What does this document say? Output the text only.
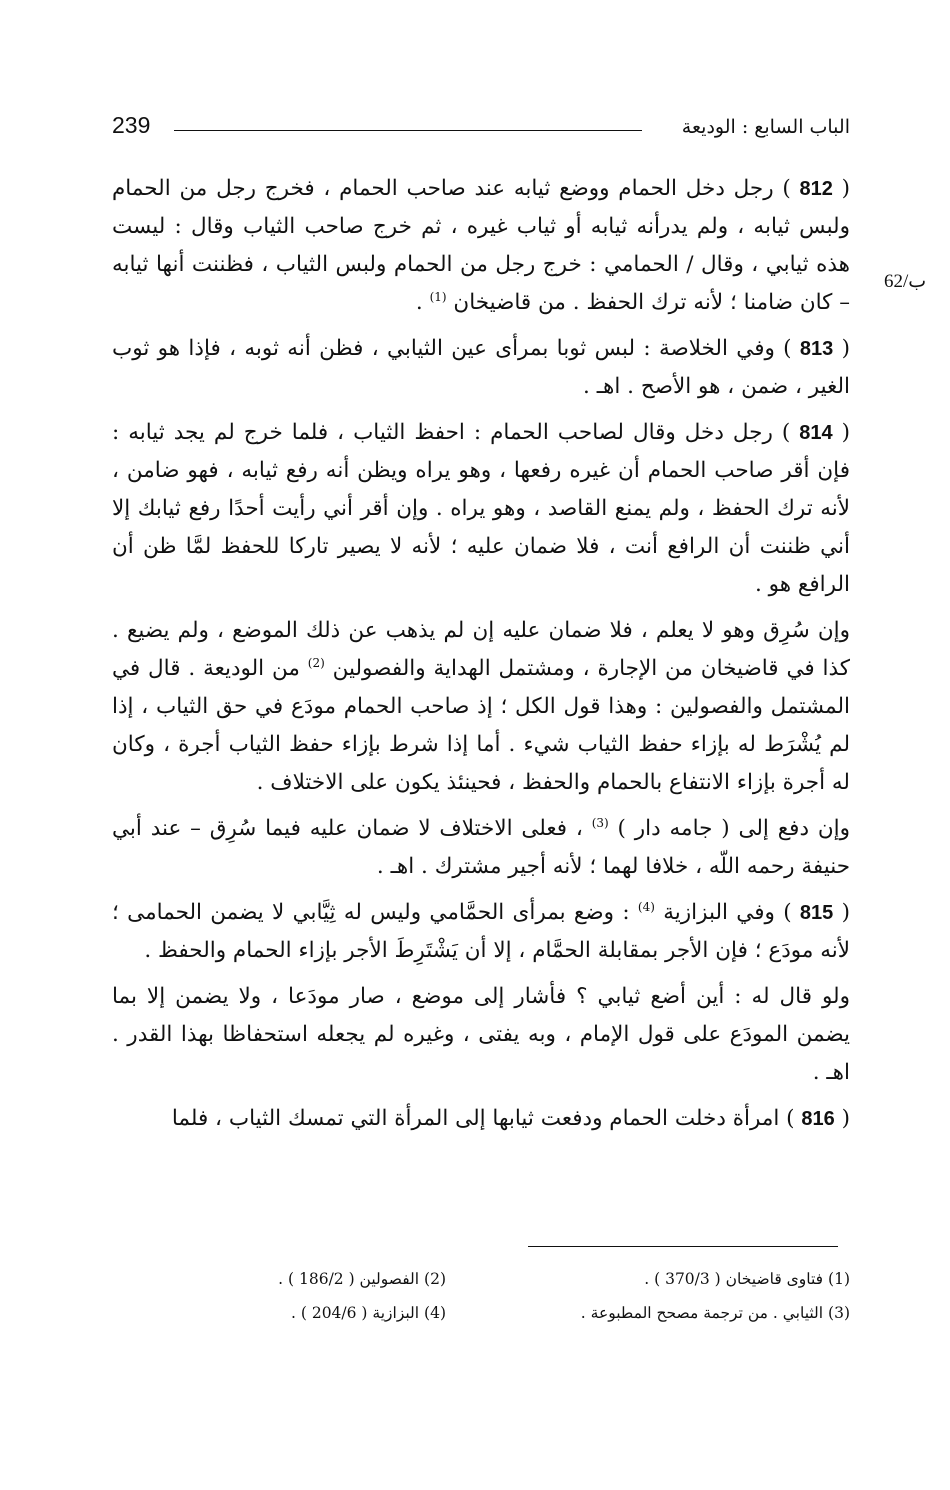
الباب السابع : الوديعة
239
62/ب

( 812 ) رجل دخل الحمام ووضع ثيابه عند صاحب الحمام ، فخرج رجل من الحمام ولبس ثيابه ، ولم يدرأنه ثيابه أو ثياب غيره ، ثم خرج صاحب الثياب وقال : ليست هذه ثيابي ، وقال / الحمامي : خرج رجل من الحمام ولبس الثياب ، فظننت أنها ثيابه – كان ضامنا ؛ لأنه ترك الحفظ . من قاضيخان $^{(1)}$ .

( 813 ) وفي الخلاصة : لبس ثوبا بمرأى عين الثيابي ، فظن أنه ثوبه ، فإذا هو ثوب الغير ، ضمن ، هو الأصح . اهـ .

( 814 ) رجل دخل وقال لصاحب الحمام : احفظ الثياب ، فلما خرج لم يجد ثيابه : فإن أقر صاحب الحمام أن غيره رفعها ، وهو يراه ويظن أنه رفع ثيابه ، فهو ضامن ، لأنه ترك الحفظ ، ولم يمنع القاصد ، وهو يراه . وإن أقر أني رأيت أحدًا رفع ثيابك إلا أني ظننت أن الرافع أنت ، فلا ضمان عليه ؛ لأنه لا يصير تاركا للحفظ لمَّا ظن أن الرافع هو .

وإن سُرِق وهو لا يعلم ، فلا ضمان عليه إن لم يذهب عن ذلك الموضع ، ولم يضيع . كذا في قاضيخان من الإجارة ، ومشتمل الهداية والفصولين $^{(2)}$ من الوديعة . قال في المشتمل والفصولين : وهذا قول الكل ؛ إذ صاحب الحمام مودَع في حق الثياب ، إذا لم يُشْرَط له بإزاء حفظ الثياب شيء . أما إذا شرط بإزاء حفظ الثياب أجرة ، وكان له أجرة بإزاء الانتفاع بالحمام والحفظ ، فحينئذ يكون على الاختلاف .

وإن دفع إلى ( جامه دار ) $^{(3)}$ ، فعلى الاختلاف لا ضمان عليه فيما سُرِق – عند أبي حنيفة رحمه اللّه ، خلافا لهما ؛ لأنه أجير مشترك . اهـ .

( 815 ) وفي البزازية $^{(4)}$ : وضع بمرأى الحمَّامي وليس له ثِيَّابي لا يضمن الحمامى ؛ لأنه مودَع ؛ فإن الأجر بمقابلة الحمَّام ، إلا أن يَشْتَرِطَ الأجر بإزاء الحمام والحفظ .

ولو قال له : أين أضع ثيابي ؟ فأشار إلى موضع ، صار مودَعا ، ولا يضمن إلا بما يضمن المودَع على قول الإمام ، وبه يفتى ، وغيره لم يجعله استحفاظا بهذا القدر . اهـ .

( 816 ) امرأة دخلت الحمام ودفعت ثيابها إلى المرأة التي تمسك الثياب ، فلما

(1) فتاوى قاضيخان ( 370/3 ) .
(2) الفصولين ( 186/2 ) .
(3) الثيابي . من ترجمة مصحح المطبوعة .
(4) البزازية ( 204/6 ) .
